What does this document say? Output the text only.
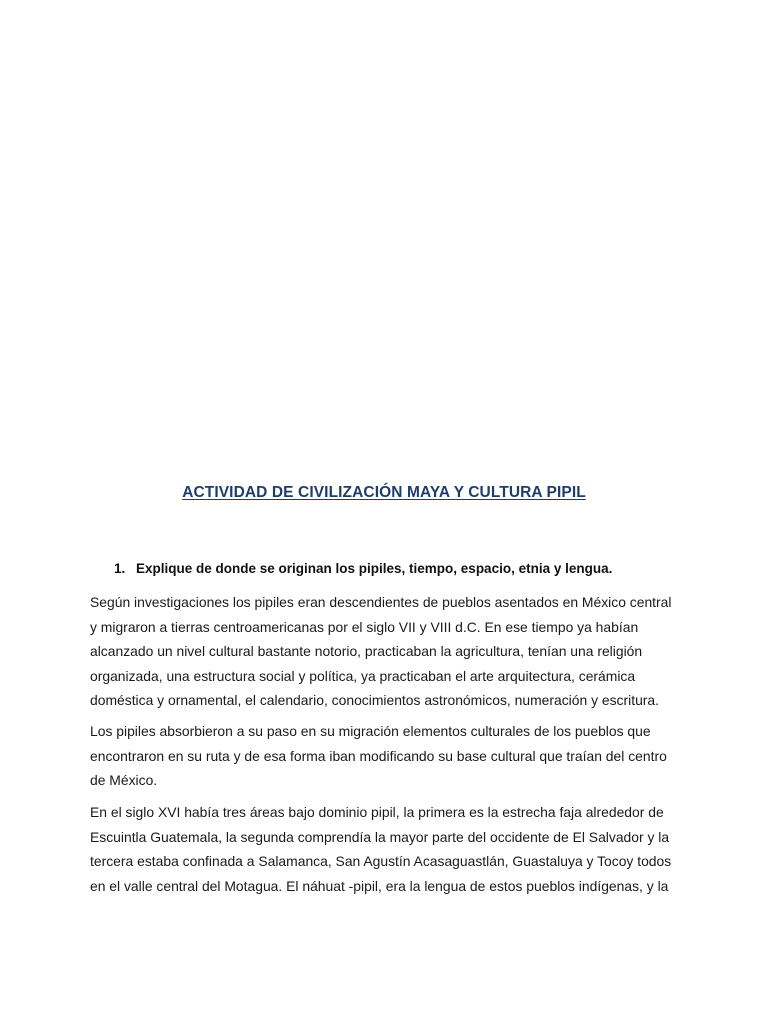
ACTIVIDAD DE CIVILIZACIÓN MAYA Y CULTURA PIPIL
1. Explique de donde se originan los pipiles, tiempo, espacio, etnia y lengua.

Según investigaciones los pipiles eran descendientes de pueblos asentados en México central
y migraron a tierras centroamericanas por el siglo VII y VIII d.C. En ese tiempo ya habían
alcanzado un nivel cultural bastante notorio, practicaban la agricultura, tenían una religión
organizada, una estructura social y política, ya practicaban el arte arquitectura, cerámica
doméstica y ornamental, el calendario, conocimientos astronómicos, numeración y escritura.

Los pipiles absorbieron a su paso en su migración elementos culturales de los pueblos que
encontraron en su ruta y de esa forma iban modificando su base cultural que traían del centro
de México.

En el siglo XVI había tres áreas bajo dominio pipil, la primera es la estrecha faja alrededor de
Escuintla Guatemala, la segunda comprendía la mayor parte del occidente de El Salvador y la
tercera estaba confinada a Salamanca, San Agustín Acasaguastlán, Guastaluya y Tocoy todos
en el valle central del Motagua. El náhuat -pipil, era la lengua de estos pueblos indígenas, y la
